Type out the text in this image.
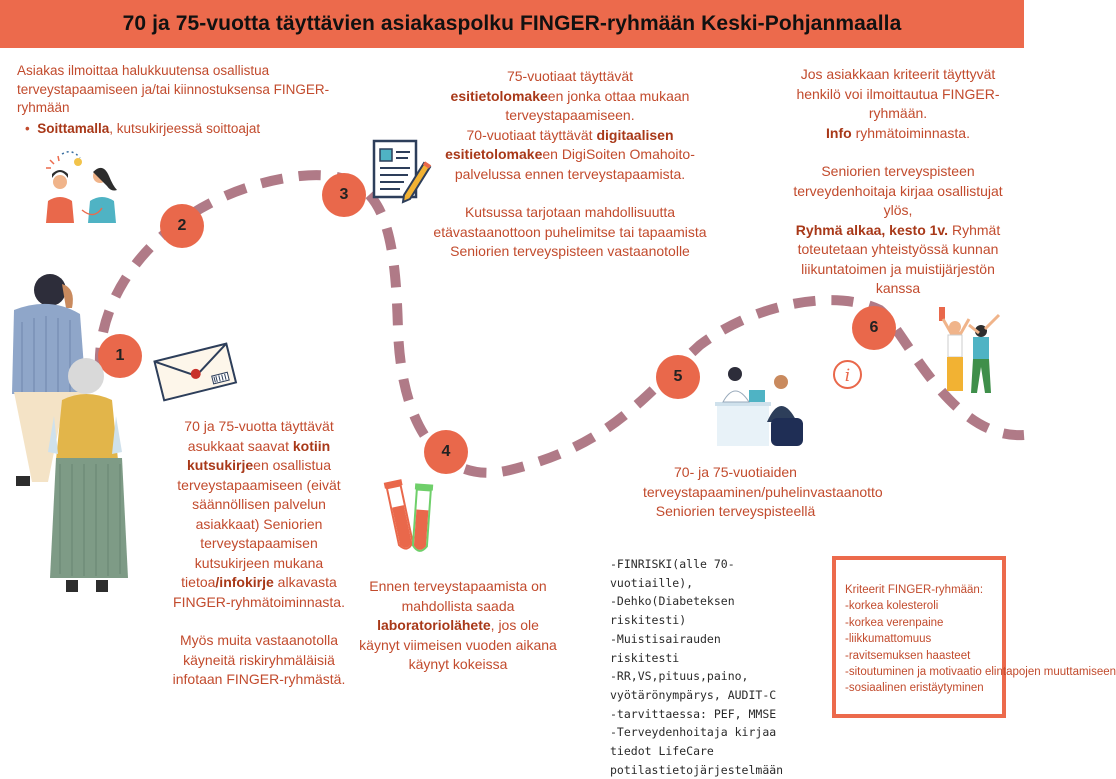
70 ja 75-vuotta täyttävien asiakaspolku FINGER-ryhmään Keski-Pohjanmaalla
1
2
3
4
5
6
Asiakas ilmoittaa halukkuutensa osallistua terveystapaamiseen ja/tai kiinnostuksensa FINGER-ryhmään
• Soittamalla, kutsukirjeessä soittoajat
75-vuotiaat täyttävät
esitietolomakeen jonka ottaa mukaan terveystapaamiseen.
70-vuotiaat täyttävät digitaalisen esitietolomakeen DigiSoiten Omahoito-palvelussa ennen terveystapaamista.
Kutsussa tarjotaan mahdollisuutta etävastaanottoon puhelimitse tai tapaamista Seniorien terveyspisteen vastaanotolle
Jos asiakkaan kriteerit täyttyvät henkilö voi ilmoittautua FINGER-ryhmään.
Info ryhmätoiminnasta.
Seniorien terveyspisteen terveydenhoitaja kirjaa osallistujat ylös,
Ryhmä alkaa, kesto 1v. Ryhmät toteutetaan yhteistyössä kunnan liikuntatoimen ja muistijärjestön kanssa
70 ja 75-vuotta täyttävät asukkaat saavat kotiin kutsukirjeen osallistua terveystapaamiseen (eivät säännöllisen palvelun asiakkaat) Seniorien terveystapaamisen kutsukirjeen mukana tietoa/infokirje alkavasta FINGER-ryhmätoiminnasta.
Myös muita vastaanotolla käyneitä riskiryhmäläisiä infotaan FINGER-ryhmästä.
Ennen terveystapaamista on mahdollista saada laboratoriolähete, jos ole käynyt viimeisen vuoden aikana käynyt kokeissa
70- ja 75-vuotiaiden terveystapaaminen/puhelinvastaanotto Seniorien terveyspisteellä
-FINRISKI(alle 70-vuotiaille),
-Dehko(Diabeteksen riskitesti)
-Muistisairauden riskitesti
-RR,VS,pituus,paino, vyötärönympärys, AUDIT-C
-tarvittaessa: PEF, MMSE
-Terveydenhoitaja kirjaa tiedot LifeCare potilastietojärjestelmään
Kriteerit FINGER-ryhmään:
-korkea kolesteroli
-korkea verenpaine
-liikkumattomuus
-ravitsemuksen haasteet
-sitoutuminen ja motivaatio elintapojen muuttamiseen
-sosiaalinen eristäytyminen
i
